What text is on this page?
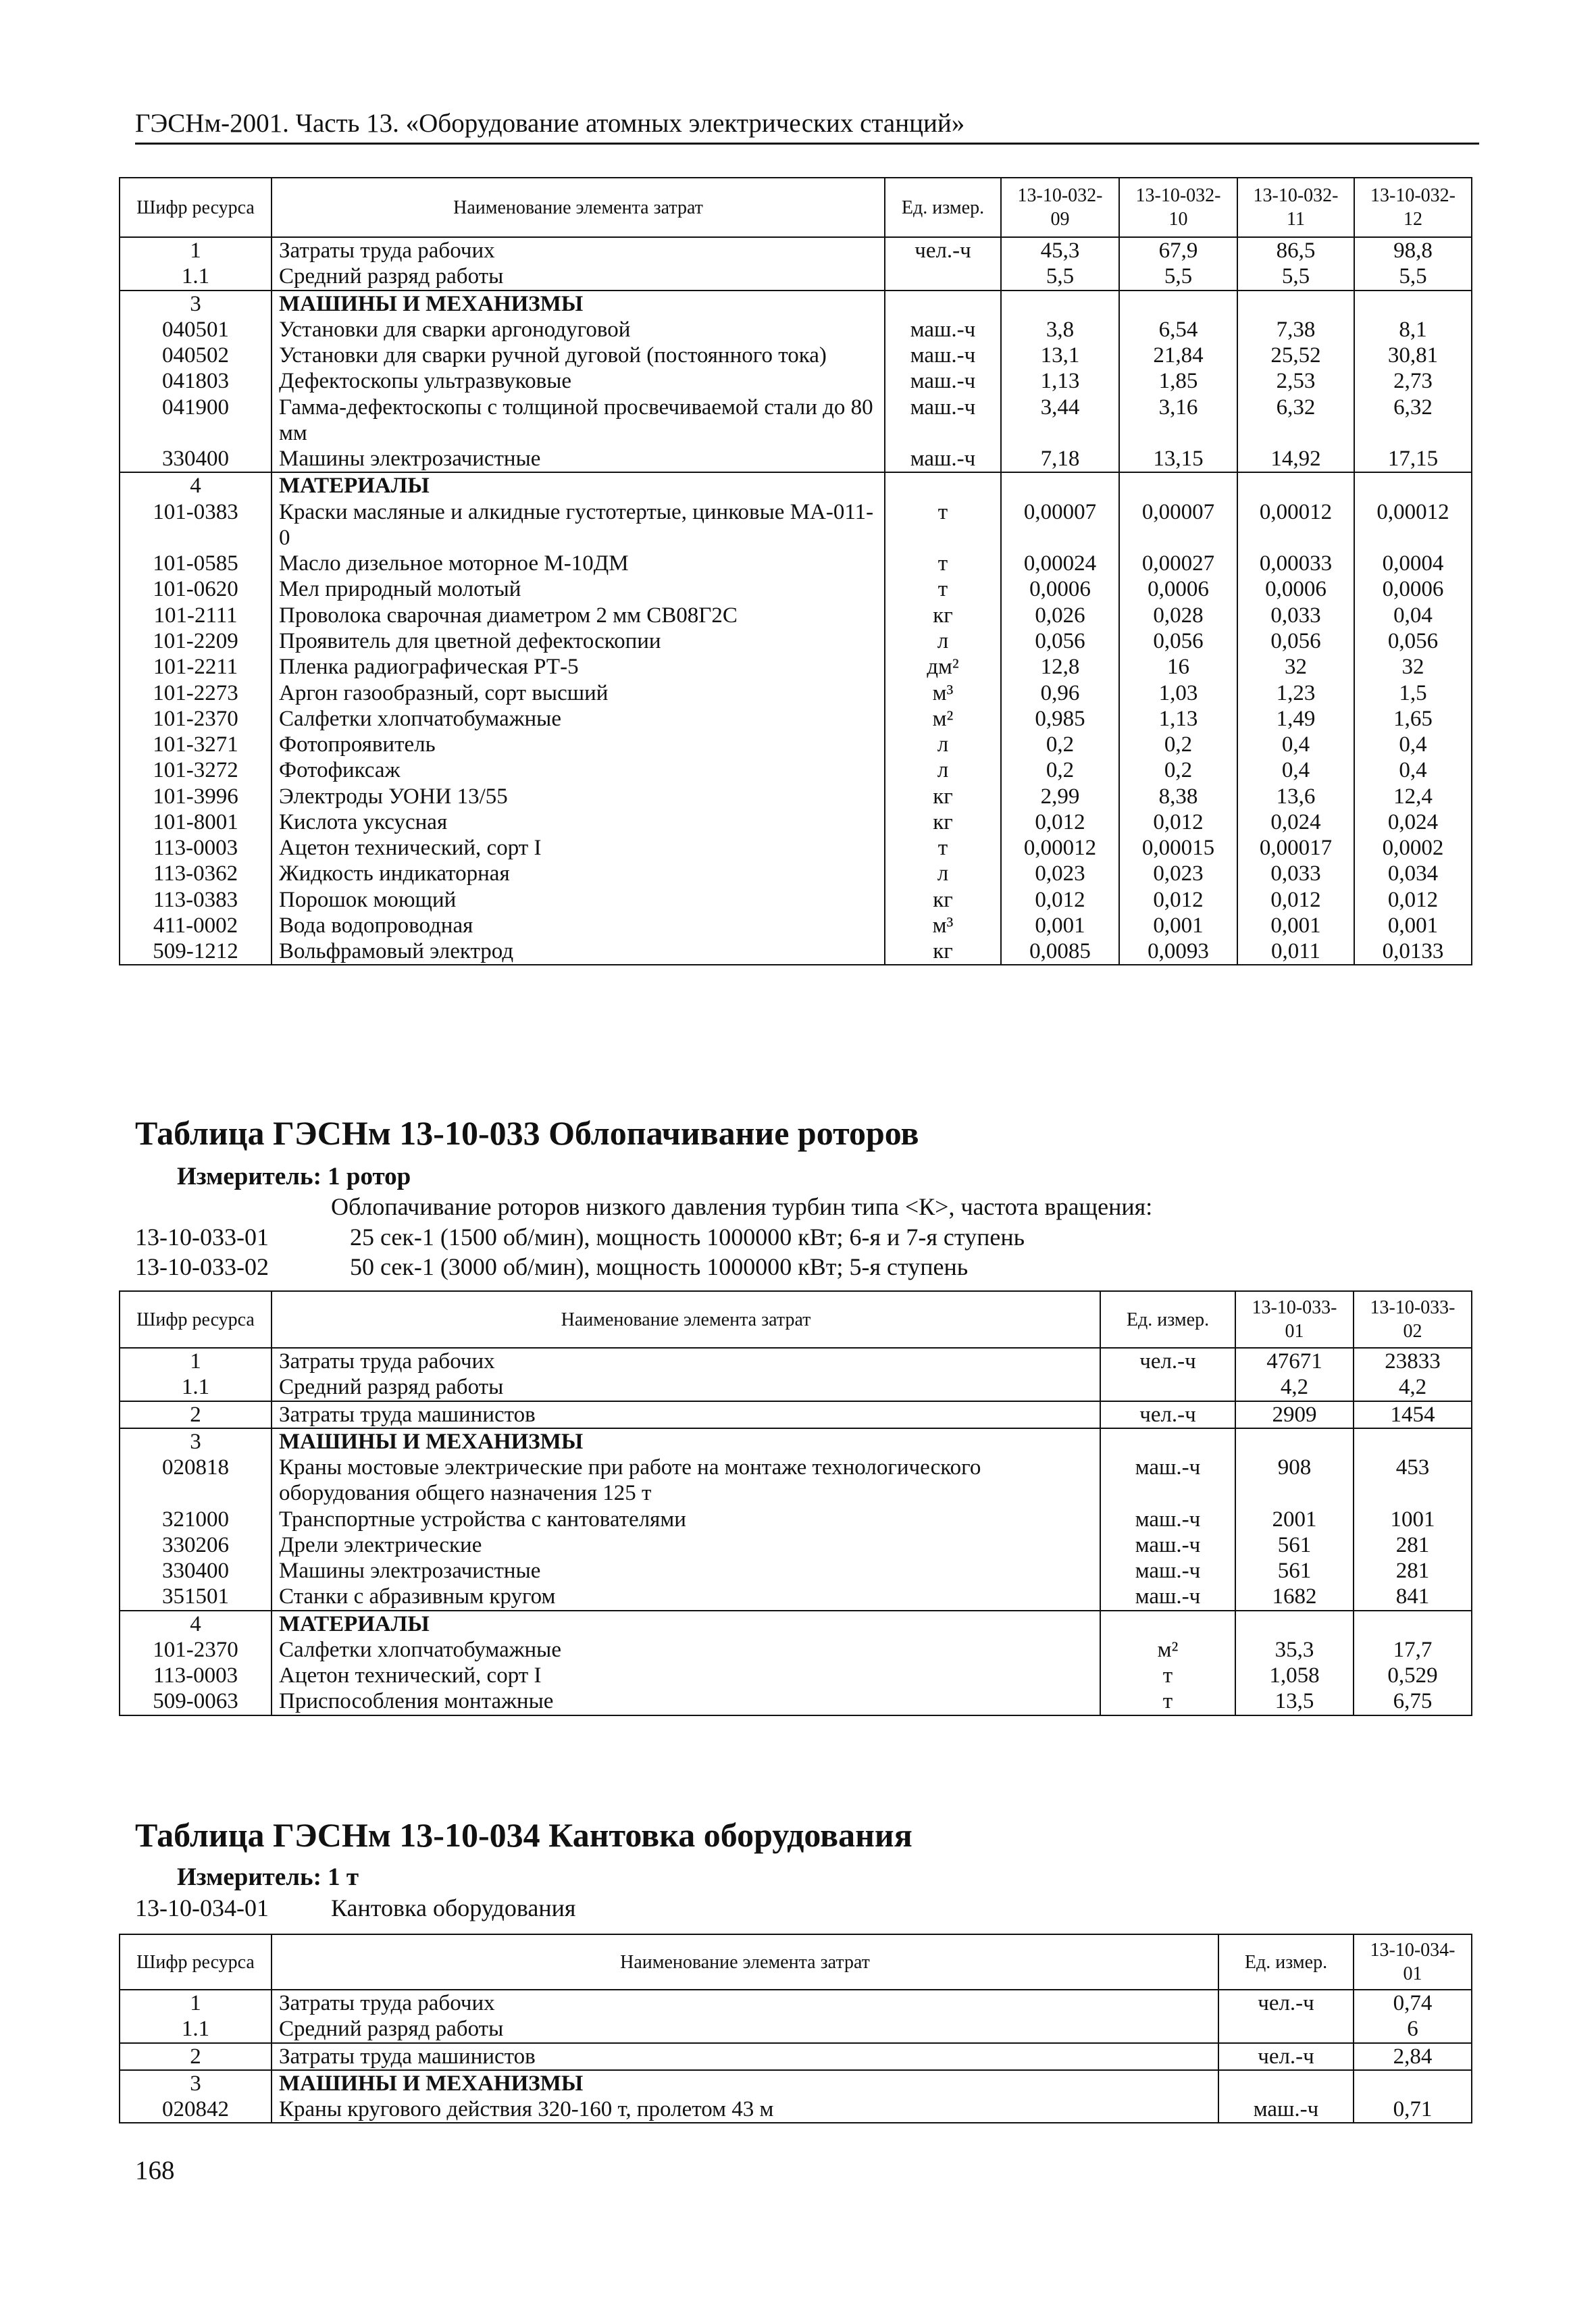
ГЭСНм-2001. Часть 13. «Оборудование атомных электрических станций»
Шифр ресурса	Наименование элемента затрат	Ед. измер.	13-10-032-09	13-10-032-10	13-10-032-11	13-10-032-12
1	Затраты труда рабочих	чел.-ч	45,3	67,9	86,5	98,8
1.1	Средний разряд работы		5,5	5,5	5,5	5,5
3	МАШИНЫ И МЕХАНИЗМЫ					
040501	Установки для сварки аргонодуговой	маш.-ч	3,8	6,54	7,38	8,1
040502	Установки для сварки ручной дуговой (постоянного тока)	маш.-ч	13,1	21,84	25,52	30,81
041803	Дефектоскопы ультразвуковые	маш.-ч	1,13	1,85	2,53	2,73
041900	Гамма-дефектоскопы с толщиной просвечиваемой стали до 80 мм	маш.-ч	3,44	3,16	6,32	6,32
330400	Машины электрозачистные	маш.-ч	7,18	13,15	14,92	17,15
4	МАТЕРИАЛЫ					
101-0383	Краски масляные и алкидные густотертые, цинковые МА-011-0	т	0,00007	0,00007	0,00012	0,00012
101-0585	Масло дизельное моторное М-10ДМ	т	0,00024	0,00027	0,00033	0,0004
101-0620	Мел природный молотый	т	0,0006	0,0006	0,0006	0,0006
101-2111	Проволока сварочная диаметром 2 мм СВ08Г2С	кг	0,026	0,028	0,033	0,04
101-2209	Проявитель для цветной дефектоскопии	л	0,056	0,056	0,056	0,056
101-2211	Пленка радиографическая РТ-5	дм²	12,8	16	32	32
101-2273	Аргон газообразный, сорт высший	м³	0,96	1,03	1,23	1,5
101-2370	Салфетки хлопчатобумажные	м²	0,985	1,13	1,49	1,65
101-3271	Фотопроявитель	л	0,2	0,2	0,4	0,4
101-3272	Фотофиксаж	л	0,2	0,2	0,4	0,4
101-3996	Электроды УОНИ 13/55	кг	2,99	8,38	13,6	12,4
101-8001	Кислота уксусная	кг	0,012	0,012	0,024	0,024
113-0003	Ацетон технический, сорт I	т	0,00012	0,00015	0,00017	0,0002
113-0362	Жидкость индикаторная	л	0,023	0,023	0,033	0,034
113-0383	Порошок моющий	кг	0,012	0,012	0,012	0,012
411-0002	Вода водопроводная	м³	0,001	0,001	0,001	0,001
509-1212	Вольфрамовый электрод	кг	0,0085	0,0093	0,011	0,0133
Таблица ГЭСНм 13-10-033 Облопачивание роторов
Измеритель: 1 ротор
Облопачивание роторов низкого давления турбин типа <К>, частота вращения:
13-10-033-01	25 сек-1 (1500 об/мин), мощность 1000000 кВт; 6-я и 7-я ступень
13-10-033-02	50 сек-1 (3000 об/мин), мощность 1000000 кВт; 5-я ступень
Шифр ресурса	Наименование элемента затрат	Ед. измер.	13-10-033-01	13-10-033-02
1	Затраты труда рабочих	чел.-ч	47671	23833
1.1	Средний разряд работы		4,2	4,2
2	Затраты труда машинистов	чел.-ч	2909	1454
3	МАШИНЫ И МЕХАНИЗМЫ			
020818	Краны мостовые электрические при работе на монтаже технологического оборудования общего назначения 125 т	маш.-ч	908	453
321000	Транспортные устройства с кантователями	маш.-ч	2001	1001
330206	Дрели электрические	маш.-ч	561	281
330400	Машины электрозачистные	маш.-ч	561	281
351501	Станки с абразивным кругом	маш.-ч	1682	841
4	МАТЕРИАЛЫ			
101-2370	Салфетки хлопчатобумажные	м²	35,3	17,7
113-0003	Ацетон технический, сорт I	т	1,058	0,529
509-0063	Приспособления монтажные	т	13,5	6,75
Таблица ГЭСНм 13-10-034 Кантовка оборудования
Измеритель: 1 т
13-10-034-01	Кантовка оборудования
Шифр ресурса	Наименование элемента затрат	Ед. измер.	13-10-034-01
1	Затраты труда рабочих	чел.-ч	0,74
1.1	Средний разряд работы		6
2	Затраты труда машинистов	чел.-ч	2,84
3	МАШИНЫ И МЕХАНИЗМЫ		
020842	Краны кругового действия 320-160 т, пролетом 43 м	маш.-ч	0,71
168
